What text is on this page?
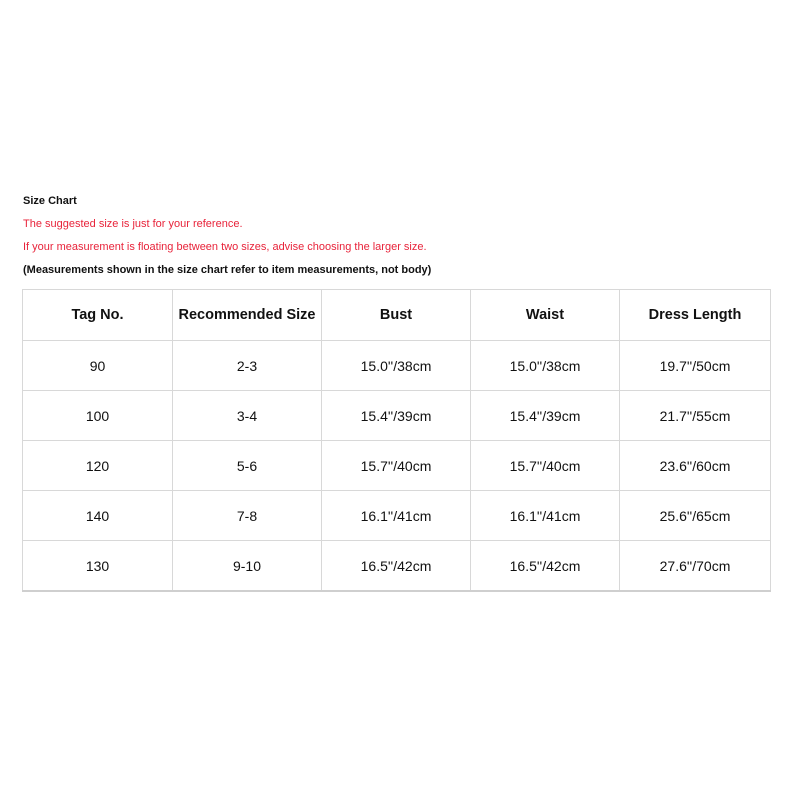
Size Chart
The suggested size is just for your reference.
If your measurement is floating between two sizes, advise choosing the larger size.
(Measurements shown in the size chart refer to item measurements, not body)
Tag No.	Recommended Size	Bust	Waist	Dress Length
90	2-3	15.0''/38cm	15.0''/38cm	19.7''/50cm
100	3-4	15.4''/39cm	15.4''/39cm	21.7''/55cm
120	5-6	15.7''/40cm	15.7''/40cm	23.6''/60cm
140	7-8	16.1''/41cm	16.1''/41cm	25.6''/65cm
130	9-10	16.5''/42cm	16.5''/42cm	27.6''/70cm
